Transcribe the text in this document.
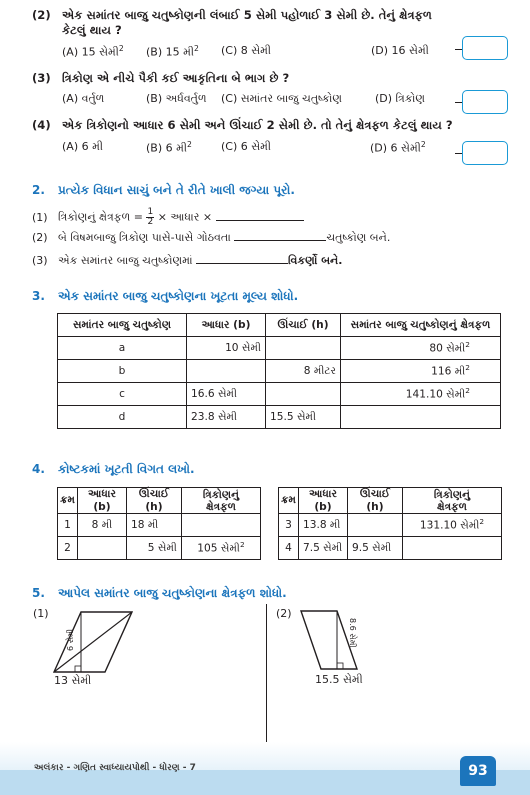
(2) એક સમાંતર બાજુ ચતુષ્કોણની લંબાઈ 5 સેમી પહોળાઈ 3 સેમી છે. તેનું ક્ષેત્રફળ
કેટલું થાય ?
(A) 15 સેમી$^2$ (B) 15 મી$^2$ (C) 8 સેમી	(D) 16 સેમી
(3) ત્રિકોણ એ નીચે પૈકી કઈ આકૃતિના બે ભાગ છે ?
(A) વર્તુળ	(B) અર્ધવર્તુળ (C) સમાંતર બાજુ ચતુષ્કોણ	(D) ત્રિકોણ
(4) એક ત્રિકોણનો આધાર 6 સેમી અને ઊંચાઈ 2 સેમી છે. તો તેનું ક્ષેત્રફળ કેટલું થાય ?
(A) 6 મી	(B) 6 મી$^2$	(C) 6 સેમી	(D) 6 સેમી$^2$
2. પ્રત્યેક વિધાન સાચું બને તે રીતે ખાલી જગ્યા પૂરો.
(1) ત્રિકોણનું ક્ષેત્રફળ = $\frac{1}{2}$ × આધાર ×
(2) બે વિષમબાજુ ત્રિકોણ પાસે-પાસે ગોઠવતા	ચતુષ્કોણ બને.
(3) એક સમાંતર બાજુ ચતુષ્કોણમાં	વિકર્ણો બને.
3. એક સમાંતર બાજુ ચતુષ્કોણના ખૂટતા મૂલ્ય શોધો.
સમાંતર બાજુ ચતુષ્કોણ	આધાર (b)	ઊંચાઈ (h)	સમાંતર બાજુ ચતુષ્કોણનું ક્ષેત્રફળ
a	10 સેમી		80 સેમી$^2$
b		8 મીટર	116 મી$^2$
c	16.6 સેમી		141.10 સેમી$^2$
d	23.8 સેમી	15.5 સેમી	
4. કોષ્ટકમાં ખૂટતી વિગત લખો.
ક્રમ	આધાર (b)	ઊંચાઈ (h)	ત્રિકોણનું
ક્ષેત્રફળ
1	8 મી	18 મી	
2		5 સેમી	105 સેમી$^2$
ક્રમ	આધાર (b)	ઊંચાઈ (h)	ત્રિકોણનું
ક્ષેત્રફળ
3	13.8 મી		131.10 સેમી$^2$
4	7.5 સેમી	9.5 સેમી	
5. આપેલ સમાંતર બાજુ ચતુષ્કોણના ક્ષેત્રફળ શોધો.
(1)
6 સેમી
13 સેમી
(2)
8.6 સેમી
15.5 સેમી
અલંકાર - ગણિત સ્વાધ્યાયપોથી - ધોરણ - 7	93
